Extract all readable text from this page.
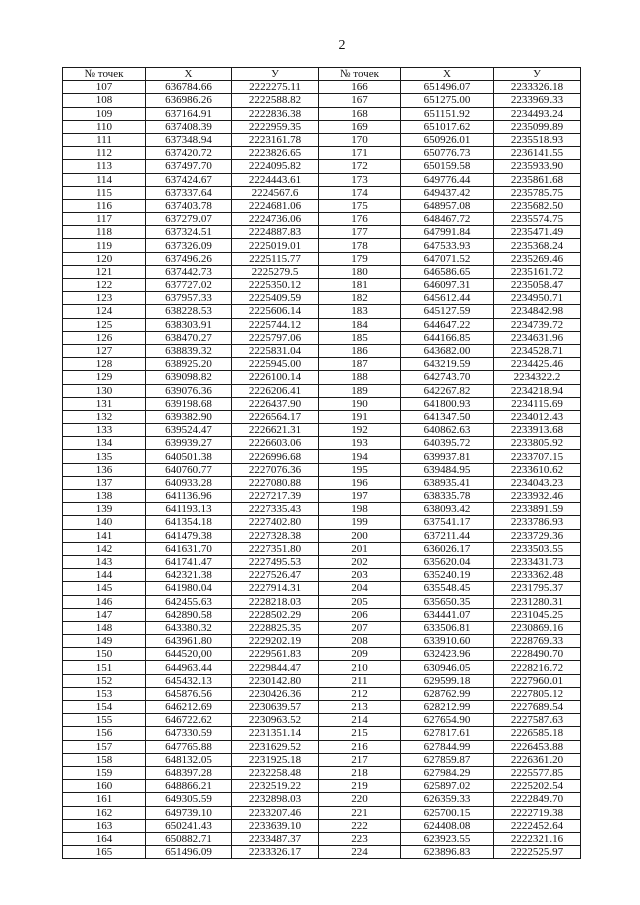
2
№ точек	X	У	№ точек	X	У
107	636784.66	2222275.11	166	651496.07	2233326.18
108	636986.26	2222588.82	167	651275.00	2233969.33
109	637164.91	2222836.38	168	651151.92	2234493.24
110	637408.39	2222959.35	169	651017.62	2235099.89
111	637348.94	2223161.78	170	650926.01	2235518.93
112	637420.72	2223826.65	171	650776.73	2236141.55
113	637497.70	2224095.82	172	650159.58	2235933.90
114	637424.67	2224443.61	173	649776.44	2235861.68
115	637337.64	2224567.6	174	649437.42	2235785.75
116	637403.78	2224681.06	175	648957.08	2235682.50
117	637279.07	2224736.06	176	648467.72	2235574.75
118	637324.51	2224887.83	177	647991.84	2235471.49
119	637326.09	2225019.01	178	647533.93	2235368.24
120	637496.26	2225115.77	179	647071.52	2235269.46
121	637442.73	2225279.5	180	646586.65	2235161.72
122	637727.02	2225350.12	181	646097.31	2235058.47
123	637957.33	2225409.59	182	645612.44	2234950.71
124	638228.53	2225606.14	183	645127.59	2234842.98
125	638303.91	2225744.12	184	644647.22	2234739.72
126	638470.27	2225797.06	185	644166.85	2234631.96
127	638839.32	2225831.04	186	643682.00	2234528.71
128	638925.20	2225945.00	187	643219.59	2234425.46
129	639098.82	2226100.14	188	642743.70	2234322.2
130	639076.36	2226206.41	189	642267.82	2234218.94
131	639198.68	2226437.90	190	641800.93	2234115.69
132	639382.90	2226564.17	191	641347.50	2234012.43
133	639524.47	2226621.31	192	640862.63	2233913.68
134	639939.27	2226603.06	193	640395.72	2233805.92
135	640501.38	2226996.68	194	639937.81	2233707.15
136	640760.77	2227076.36	195	639484.95	2233610.62
137	640933.28	2227080.88	196	638935.41	2234043.23
138	641136.96	2227217.39	197	638335.78	2233932.46
139	641193.13	2227335.43	198	638093.42	2233891.59
140	641354.18	2227402.80	199	637541.17	2233786.93
141	641479.38	2227328.38	200	637211.44	2233729.36
142	641631.70	2227351.80	201	636026.17	2233503.55
143	641741.47	2227495.53	202	635620.04	2233431.73
144	642321.38	2227526.47	203	635240.19	2233362.48
145	641980.04	2227914.31	204	635548.45	2231795.37
146	642455.63	2228218.03	205	635650.35	2231280.31
147	642890.58	2228502.29	206	634441.07	2231045.25
148	643380.32	2228825.35	207	633506.81	2230869.16
149	643961.80	2229202.19	208	633910.60	2228769.33
150	644520,00	2229561.83	209	632423.96	2228490.70
151	644963.44	2229844.47	210	630946.05	2228216.72
152	645432.13	2230142.80	211	629599.18	2227960.01
153	645876.56	2230426.36	212	628762.99	2227805.12
154	646212.69	2230639.57	213	628212.99	2227689.54
155	646722.62	2230963.52	214	627654.90	2227587.63
156	647330.59	2231351.14	215	627817.61	2226585.18
157	647765.88	2231629.52	216	627844.99	2226453.88
158	648132.05	2231925.18	217	627859.87	2226361.20
159	648397.28	2232258.48	218	627984.29	2225577.85
160	648866.21	2232519.22	219	625897.02	2225202.54
161	649305.59	2232898.03	220	626359.33	2222849.70
162	649739.10	2233207.46	221	625700.15	2222719.38
163	650241.43	2233639.10	222	624408.08	2222452.64
164	650882.71	2233487.37	223	623923.55	2222321.16
165	651496.09	2233326.17	224	623896.83	2222525.97
